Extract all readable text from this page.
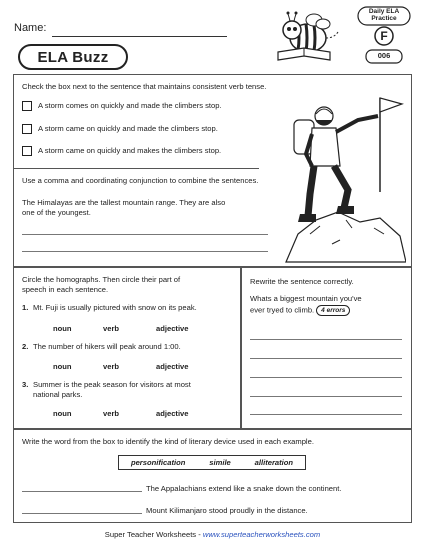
Name:
ELA Buzz
Daily ELA
Practice
F
006
Check the box next to the sentence that maintains consistent verb tense.
A storm comes on quickly and made the climbers stop.
A storm came on quickly and made the climbers stop.
A storm came on quickly and makes the climbers stop.
Use a comma and coordinating conjunction to combine the sentences.
The Himalayas are the tallest mountain range. They are also
one of the youngest.
Circle the homographs. Then circle their part of
speech in each sentence.
1. Mt. Fuji is usually pictured with snow on its peak.
noun	verb	adjective
2. The number of hikers will peak around 1:00.
noun	verb	adjective
3. Summer is the peak season for visitors at most
national parks.
noun	verb	adjective
Rewrite the sentence correctly.
Whats a biggest mountain you've
ever tryed to climb. 4 errors
Write the word from the box to identify the kind of literary device used in each example.
personification	simile	alliteration
The Appalachians extend like a snake down the continent.
Mount Kilimanjaro stood proudly in the distance.
Super Teacher Worksheets - www.superteacherworksheets.com
